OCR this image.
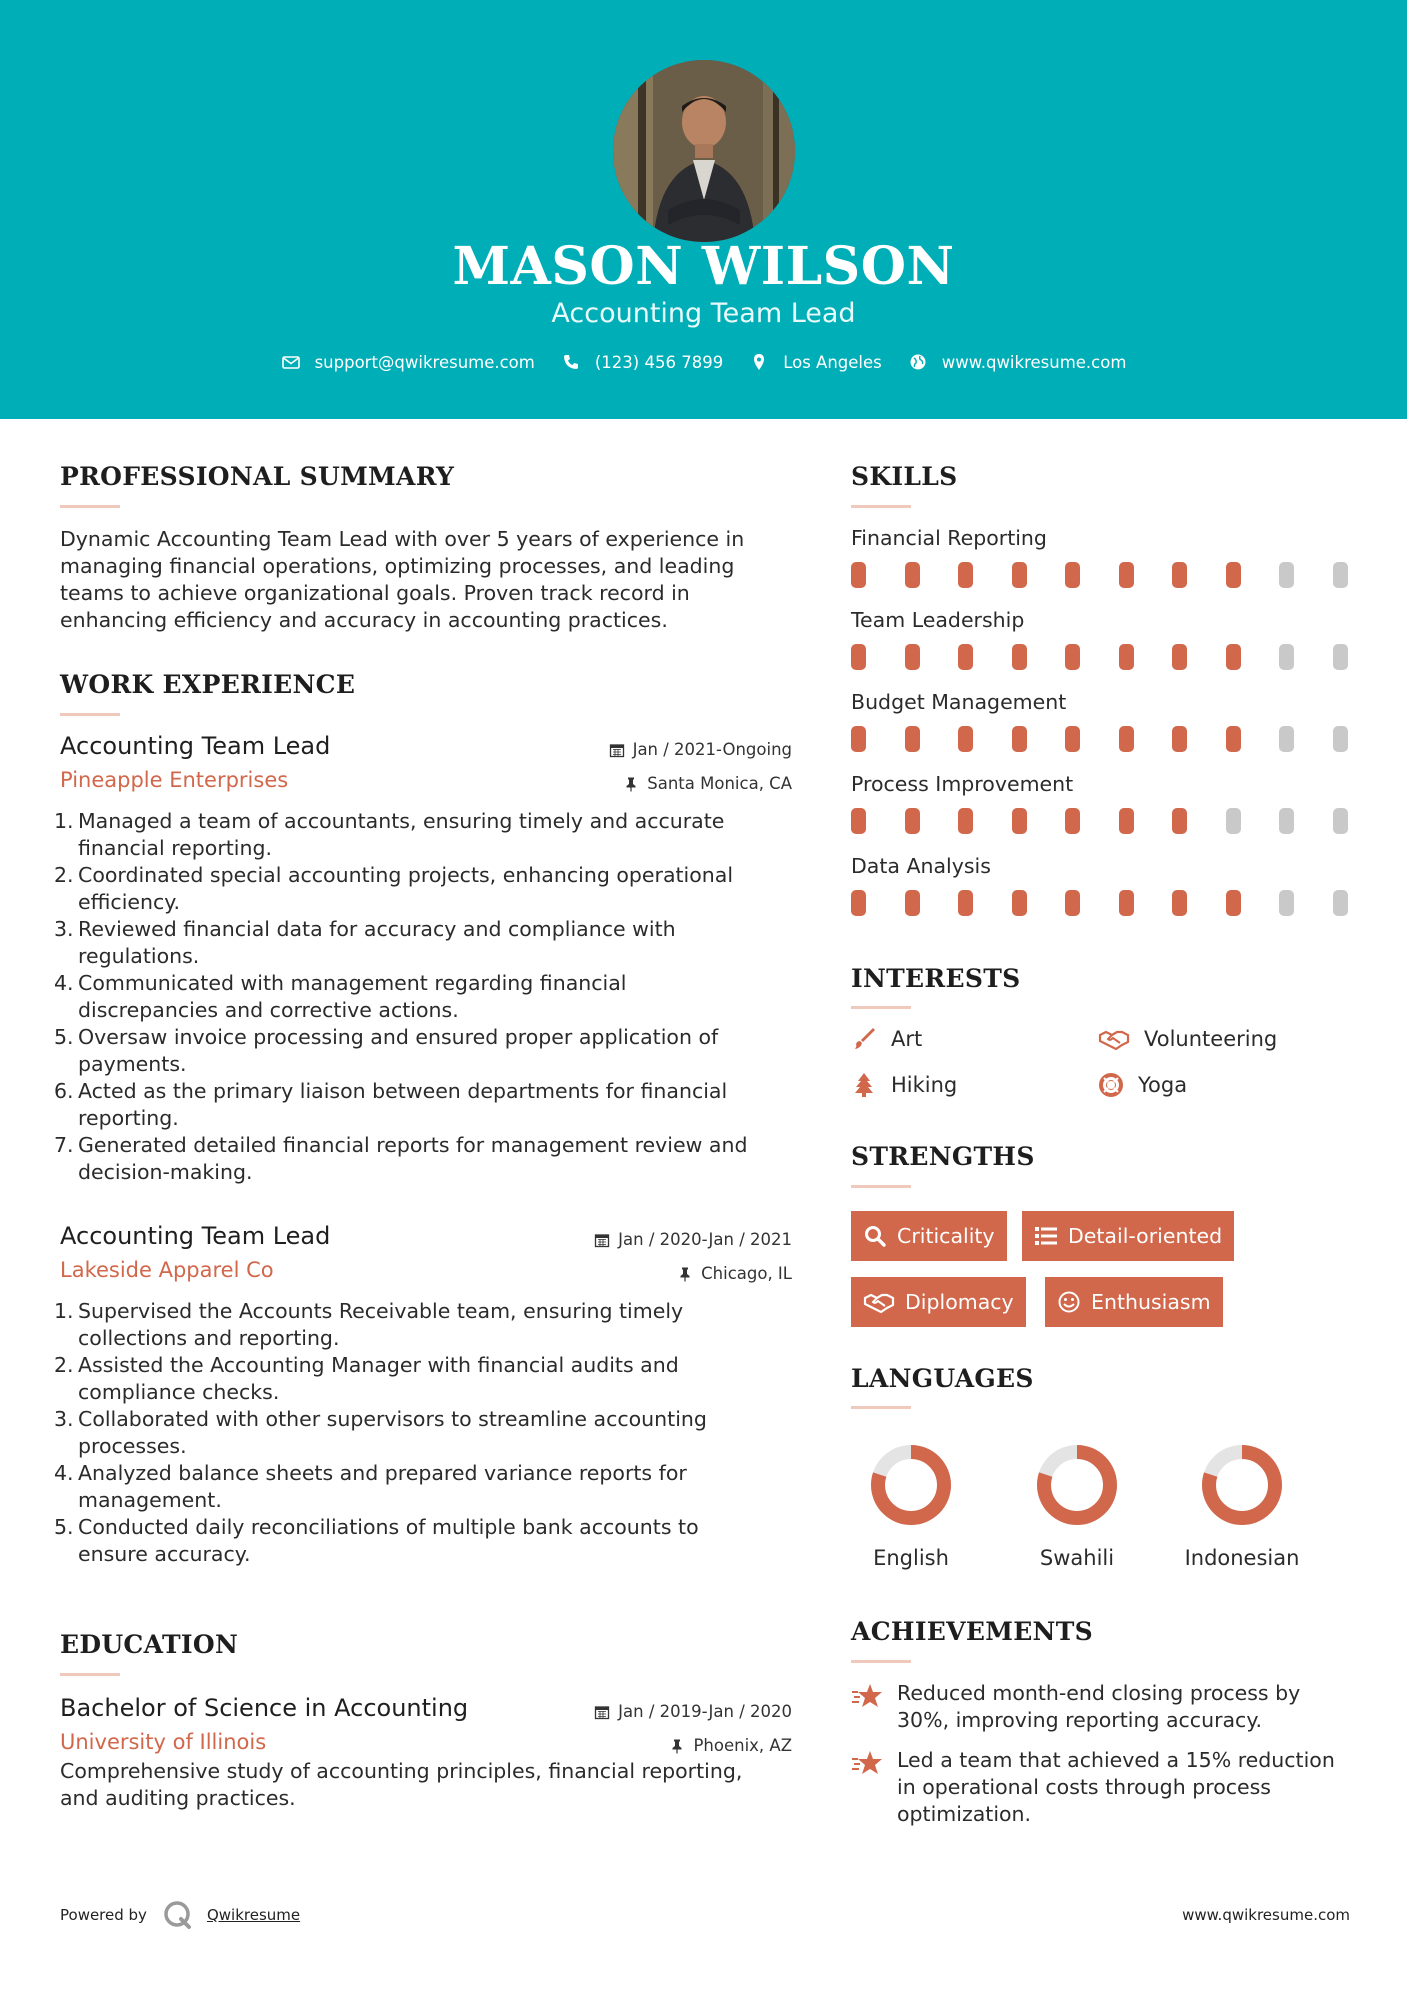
MASON WILSON
Accounting Team Lead
support@qwikresume.com	(123) 456 7899	Los Angeles	www.qwikresume.com
PROFESSIONAL SUMMARY
Dynamic Accounting Team Lead with over 5 years of experience in
managing financial operations, optimizing processes, and leading
teams to achieve organizational goals. Proven track record in
enhancing efficiency and accuracy in accounting practices.
WORK EXPERIENCE
Accounting Team Lead
Pineapple Enterprises
Jan / 2021-Ongoing
Santa Monica, CA
1. Managed a team of accountants, ensuring timely and accurate
financial reporting.
2. Coordinated special accounting projects, enhancing operational
efficiency.
3. Reviewed financial data for accuracy and compliance with
regulations.
4. Communicated with management regarding financial
discrepancies and corrective actions.
5. Oversaw invoice processing and ensured proper application of
payments.
6. Acted as the primary liaison between departments for financial
reporting.
7. Generated detailed financial reports for management review and
decision-making.
Accounting Team Lead
Lakeside Apparel Co
Jan / 2020-Jan / 2021
Chicago, IL
1. Supervised the Accounts Receivable team, ensuring timely
collections and reporting.
2. Assisted the Accounting Manager with financial audits and
compliance checks.
3. Collaborated with other supervisors to streamline accounting
processes.
4. Analyzed balance sheets and prepared variance reports for
management.
5. Conducted daily reconciliations of multiple bank accounts to
ensure accuracy.
EDUCATION
Bachelor of Science in Accounting
University of Illinois
Jan / 2019-Jan / 2020
Phoenix, AZ
Comprehensive study of accounting principles, financial reporting,
and auditing practices.
SKILLS
Financial Reporting
Team Leadership
Budget Management
Process Improvement
Data Analysis
INTERESTS
Art	Volunteering
Hiking	Yoga
STRENGTHS
Criticality	Detail-oriented
Diplomacy	Enthusiasm
LANGUAGES
English	Swahili	Indonesian
ACHIEVEMENTS
Reduced month-end closing process by
30%, improving reporting accuracy.
Led a team that achieved a 15% reduction
in operational costs through process
optimization.
Powered by	Qwikresume	www.qwikresume.com
